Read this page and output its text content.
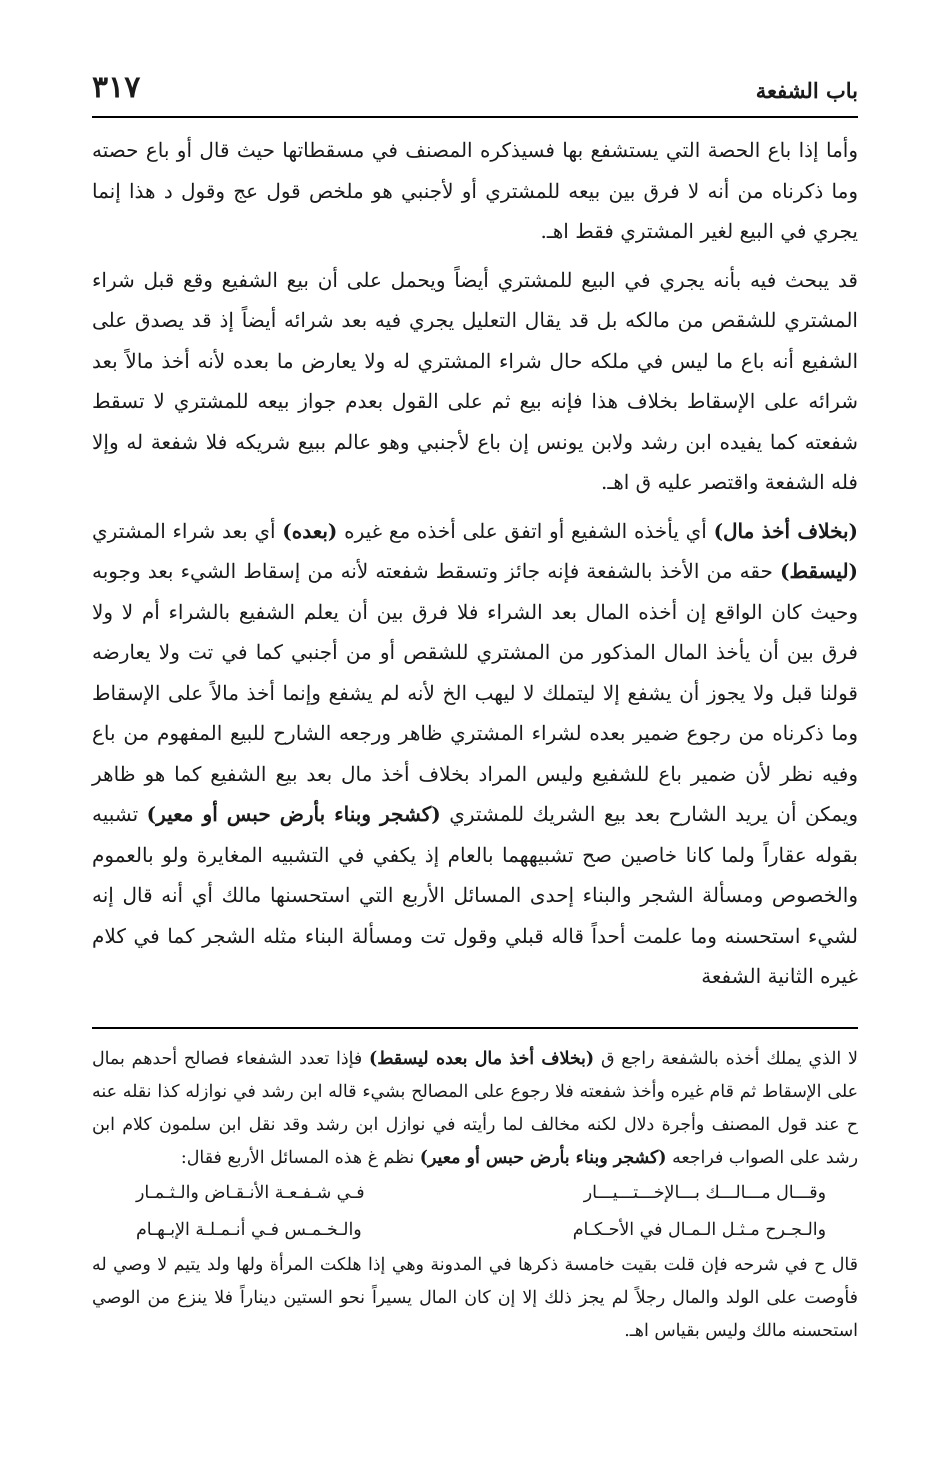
باب الشفعة
٣١٧

وأما إذا باع الحصة التي يستشفع بها فسيذكره المصنف في مسقطاتها حيث قال أو باع حصته وما ذكرناه من أنه لا فرق بين بيعه للمشتري أو لأجنبي هو ملخص قول عج وقول د هذا إنما يجري في البيع لغير المشتري فقط اهـ.

قد يبحث فيه بأنه يجري في البيع للمشتري أيضاً ويحمل على أن بيع الشفيع وقع قبل شراء المشتري للشقص من مالكه بل قد يقال التعليل يجري فيه بعد شرائه أيضاً إذ قد يصدق على الشفيع أنه باع ما ليس في ملكه حال شراء المشتري له ولا يعارض ما بعده لأنه أخذ مالاً بعد شرائه على الإسقاط بخلاف هذا فإنه بيع ثم على القول بعدم جواز بيعه للمشتري لا تسقط شفعته كما يفيده ابن رشد ولابن يونس إن باع لأجنبي وهو عالم ببيع شريكه فلا شفعة له وإلا فله الشفعة واقتصر عليه ق اهـ.

(بخلاف أخذ مال) أي يأخذه الشفيع أو اتفق على أخذه مع غيره (بعده) أي بعد شراء المشتري (ليسقط) حقه من الأخذ بالشفعة فإنه جائز وتسقط شفعته لأنه من إسقاط الشيء بعد وجوبه وحيث كان الواقع إن أخذه المال بعد الشراء فلا فرق بين أن يعلم الشفيع بالشراء أم لا ولا فرق بين أن يأخذ المال المذكور من المشتري للشقص أو من أجنبي كما في تت ولا يعارضه قولنا قبل ولا يجوز أن يشفع إلا ليتملك لا ليهب الخ لأنه لم يشفع وإنما أخذ مالاً على الإسقاط وما ذكرناه من رجوع ضمير بعده لشراء المشتري ظاهر ورجعه الشارح للبيع المفهوم من باع وفيه نظر لأن ضمير باع للشفيع وليس المراد بخلاف أخذ مال بعد بيع الشفيع كما هو ظاهر ويمكن أن يريد الشارح بعد بيع الشريك للمشتري (كشجر وبناء بأرض حبس أو معير) تشبيه بقوله عقاراً ولما كانا خاصين صح تشبيههما بالعام إذ يكفي في التشبيه المغايرة ولو بالعموم والخصوص ومسألة الشجر والبناء إحدى المسائل الأربع التي استحسنها مالك أي أنه قال إنه لشيء استحسنه وما علمت أحداً قاله قبلي وقول تت ومسألة البناء مثله الشجر كما في كلام غيره الثانية الشفعة

لا الذي يملك أخذه بالشفعة راجع ق (بخلاف أخذ مال بعده ليسقط) فإذا تعدد الشفعاء فصالح أحدهم بمال على الإسقاط ثم قام غيره وأخذ شفعته فلا رجوع على المصالح بشيء قاله ابن رشد في نوازله كذا نقله عنه ح عند قول المصنف وأجرة دلال لكنه مخالف لما رأيته في نوازل ابن رشد وقد نقل ابن سلمون كلام ابن رشد على الصواب فراجعه (كشجر وبناء بأرض حبس أو معير) نظم غ هذه المسائل الأربع فقال:

وقـــال مـــالـــك بـــالإخـــتـــيـــار
فـي شـفـعـة الأنـقـاض والـثـمـار
والـجـرح مـثـل الـمـال في الأحـكـام
والـخـمـس فـي أنـمـلـة الإبـهـام

قال ح في شرحه فإن قلت بقيت خامسة ذكرها في المدونة وهي إذا هلكت المرأة ولها ولد يتيم لا وصي له فأوصت على الولد والمال رجلاً لم يجز ذلك إلا إن كان المال يسيراً نحو الستين ديناراً فلا ينزع من الوصي استحسنه مالك وليس بقياس اهـ.
